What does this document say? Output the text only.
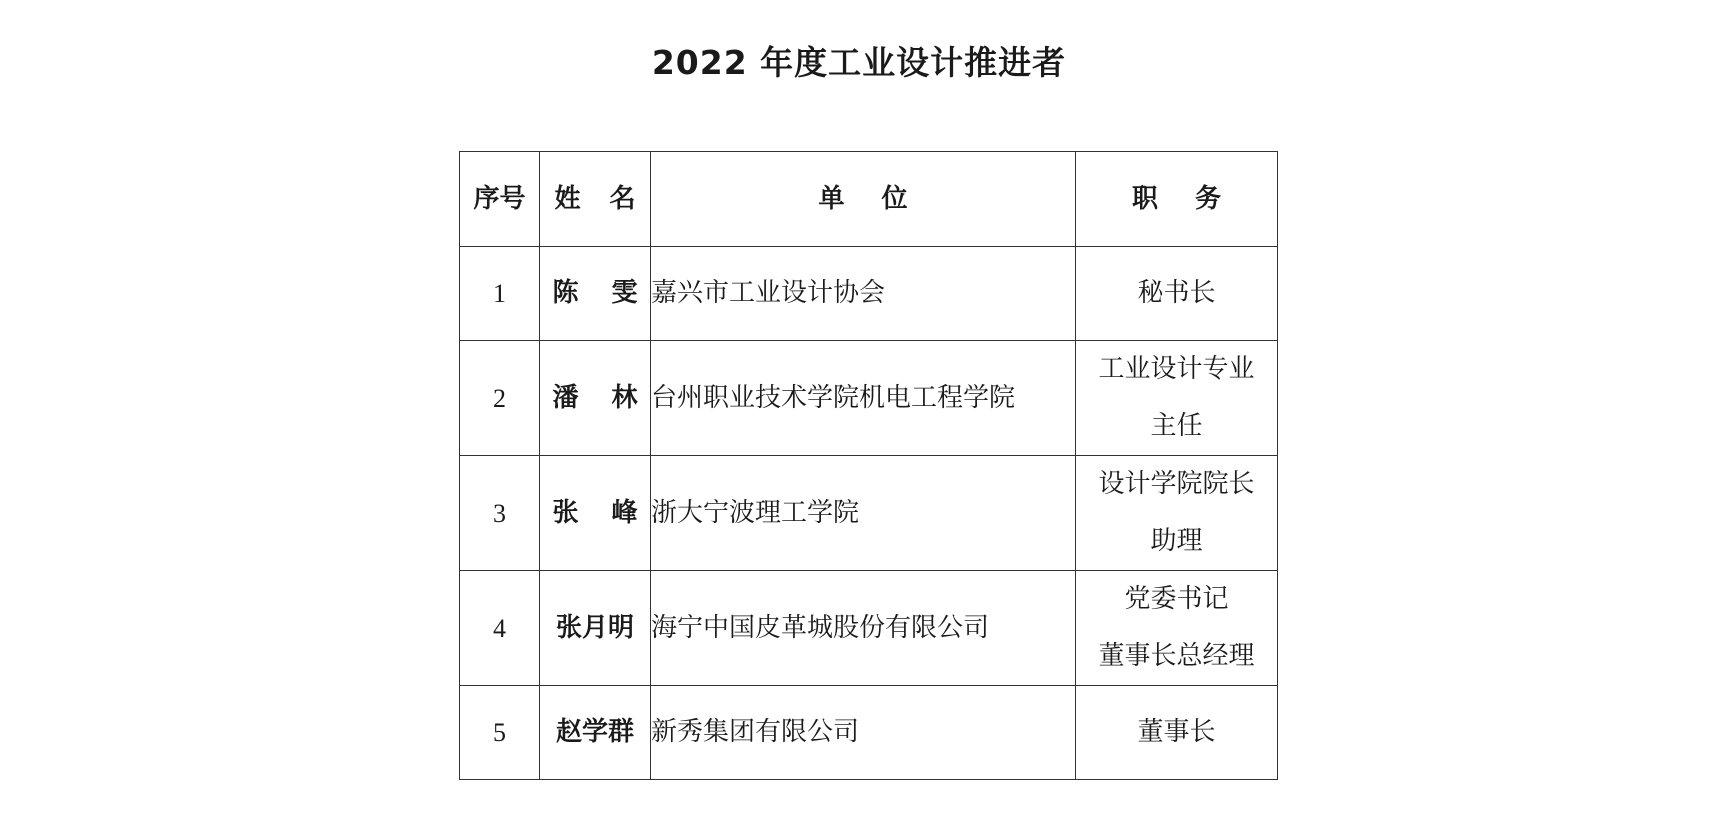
2022 年度工业设计推进者
序号	姓 名	单 位	职 务
1	陈 雯	嘉兴市工业设计协会	秘书长

2	潘 林	台州职业技术学院机电工程学院	工业设计专业
主任

3	张 峰	浙大宁波理工学院	设计学院院长
助理

4	张月明	海宁中国皮革城股份有限公司	党委书记
董事长总经理

5	赵学群	新秀集团有限公司	董事长
